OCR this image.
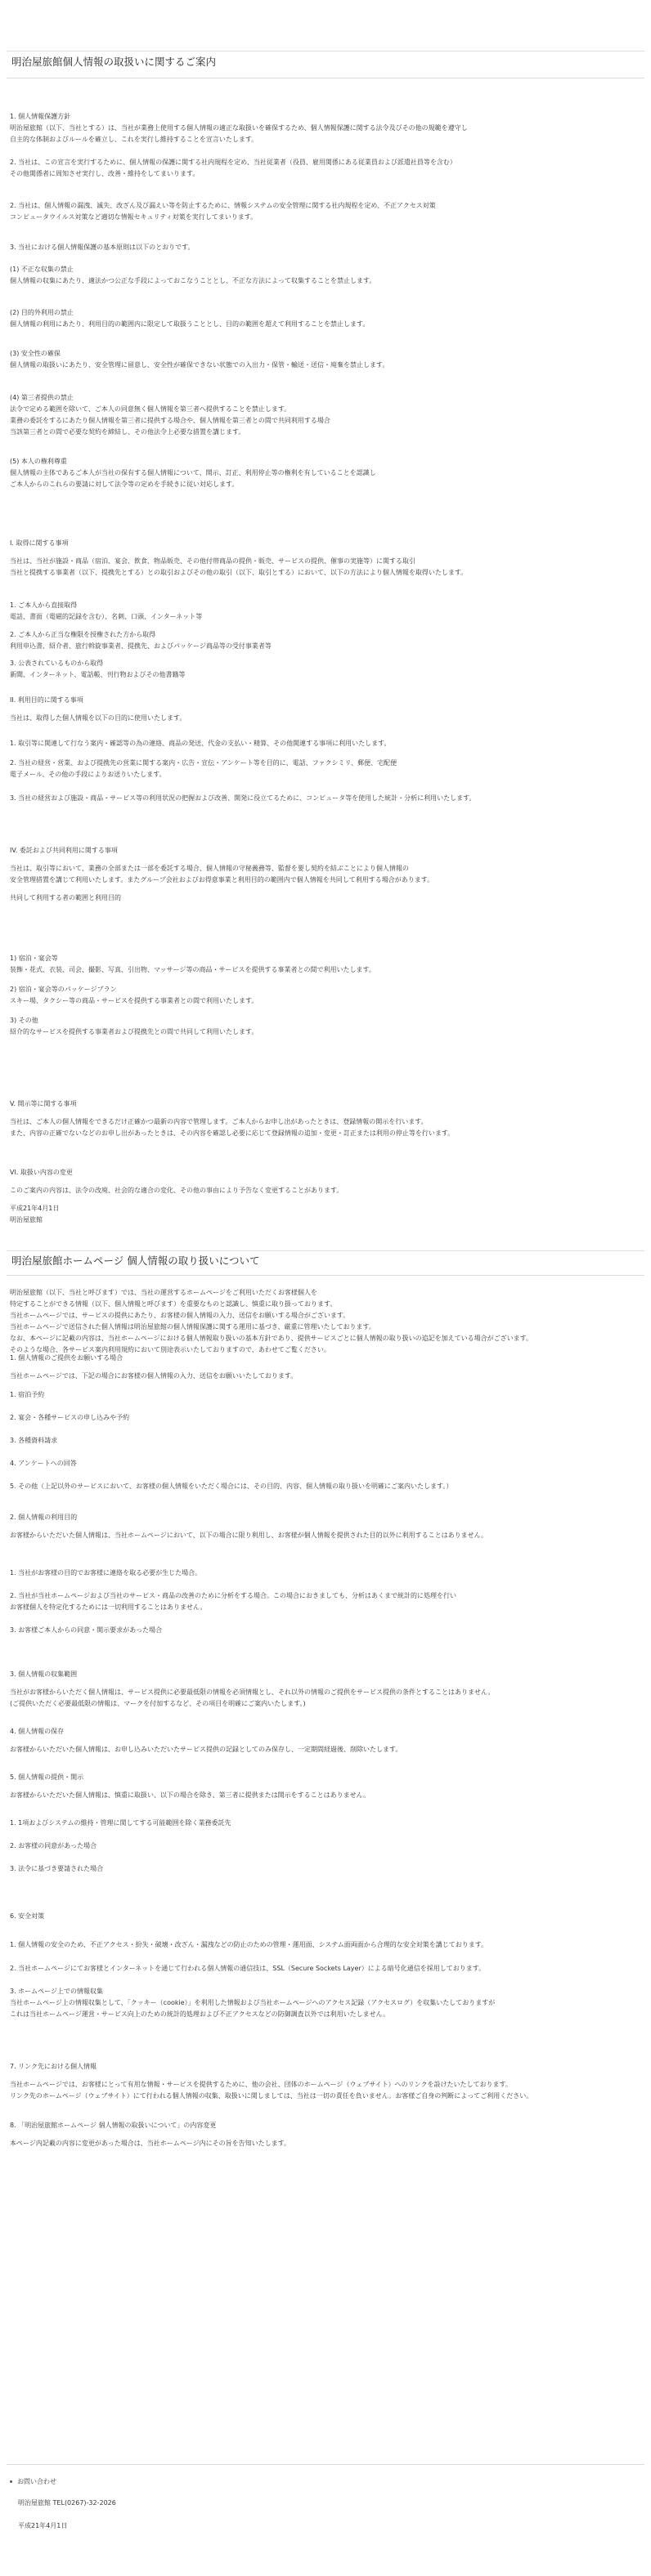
明治屋旅館個人情報の取扱いに関するご案内
1. 個人情報保護方針
明治屋旅館（以下、当社とする）は、当社が業務上使用する個人情報の適正な取扱いを確保するため、個人情報保護に関する法令及びその他の規範を遵守し
自主的な体制およびルールを確立し、これを実行し維持することを宣言いたします。
2. 当社は、この宣言を実行するために、個人情報の保護に関する社内規程を定め、当社従業者（役員、雇用関係にある従業員および派遣社員等を含む）
その他関係者に周知させ実行し、改善・維持をしてまいります。
2. 当社は、個人情報の漏洩、滅失、改ざん及び漏えい等を防止するために、情報システムの安全管理に関する社内規程を定め、不正アクセス対策
コンピュータウイルス対策など適切な情報セキュリティ対策を実行してまいります。
3. 当社における個人情報保護の基本原則は以下のとおりです。
(1) 不正な収集の禁止
個人情報の収集にあたり、適法かつ公正な手段によっておこなうこととし、不正な方法によって収集することを禁止します。
(2) 目的外利用の禁止
個人情報の利用にあたり、利用目的の範囲内に限定して取扱うこととし、目的の範囲を超えて利用することを禁止します。
(3) 安全性の確保
個人情報の取扱いにあたり、安全管理に留意し、安全性が確保できない状態での入出力・保管・輸送・送信・廃棄を禁止します。
(4) 第三者提供の禁止
法令で定める範囲を除いて、ご本人の同意無く個人情報を第三者へ提供することを禁止します。
業務の委託をするにあたり個人情報を第三者に提供する場合や、個人情報を第三者との間で共同利用する場合
当該第三者との間で必要な契約を締結し、その他法令上必要な措置を講じます。
(5) 本人の権利尊重
個人情報の主体であるご本人が当社の保有する個人情報について、開示、訂正、利用停止等の権利を有していることを認識し
ご本人からのこれらの要請に対して法令等の定めを手続きに従い対応します。
I. 取得に関する事項
当社は、当社が施設・商品（宿泊、宴会、飲食、物品販売、その他付帯商品の提供・販売、サービスの提供、催事の実施等）に関する取引
当社と提携する事業者（以下、提携先とする）との取引およびその他の取引（以下、取引とする）において、以下の方法により個人情報を取得いたします。
1. ご本人から直接取得
電話、書面（電磁的記録を含む）、名刺、口頭、インターネット等
2. ご本人から正当な権限を授権された方から取得
利用申込書、紹介者、旅行斡旋事業者、提携先、およびパッケージ商品等の受付事業者等
3. 公表されているものから取得
新聞、インターネット、電話帳、刊行物およびその他書籍等
II. 利用目的に関する事項
当社は、取得した個人情報を以下の目的に使用いたします。
1. 取引等に関連して行なう案内・確認等の為の連絡、商品の発送、代金の支払い・精算、その他関連する事項に利用いたします。
2. 当社の経営・営業、および提携先の営業に関する案内・広告・宣伝・アンケート等を目的に、電話、ファクシミリ、郵便、宅配便
電子メール、その他の手段によりお送りいたします。
3. 当社の経営および施設・商品・サービス等の利用状況の把握および改善、開発に役立てるために、コンピュータ等を使用した統計・分析に利用いたします。
IV. 委託および共同利用に関する事項
当社は、取引等において、業務の全部または一部を委託する場合、個人情報の守秘義務等、監督を要し契約を結ぶことにより個人情報の
安全管理措置を講じて利用いたします。またグループ会社およびお得意事業と利用目的の範囲内で個人情報を共同して利用する場合があります。
共同して利用する者の範囲と利用目的
1) 宿泊・宴会等
装飾・花式、衣装、司会、撮影、写真、引出物、マッサージ等の商品・サービスを提供する事業者との間で利用いたします。
2) 宿泊・宴会等のパッケージプラン
スキー場、タクシー等の商品・サービスを提供する事業者との間で利用いたします。
3) その他
紹介的なサービスを提供する事業者および提携先との間で共同して利用いたします。
V. 開示等に関する事項
当社は、ご本人の個人情報をできるだけ正確かつ最新の内容で管理します。ご本人からお申し出があったときは、登録情報の開示を行います。
また、内容の正確でないなどのお申し出があったときは、その内容を確認し必要に応じて登録情報の追加・変更・訂正または利用の停止等を行います。
VI. 取扱い内容の変更
このご案内の内容は、法令の改廃、社会的な適合の変化、その他の事由により予告なく変更することがあります。
平成21年4月1日
明治屋旅館
明治屋旅館ホームページ 個人情報の取り扱いについて
明治屋旅館（以下、当社と呼びます）では、当社の運営するホームページをご利用いただくお客様個人を
特定することができる情報（以下、個人情報と呼びます）を重要なものと認識し、慎重に取り扱っております。
当社ホームページでは、サービスの提供にあたり、お客様の個人情報の入力、送信をお願いする場合がございます。
当社ホームページで送信された個人情報は明治屋旅館の個人情報保護に関する運用に基づき、厳重に管理いたしております。
なお、本ページに記載の内容は、当社ホームページにおける個人情報取り扱いの基本方針であり、提供サービスごとに個人情報の取り扱いの追記を加えている場合がございます。
そのような場合、各サービス案内利用規約において別途表示いたしておりますので、あわせてご覧ください。
1. 個人情報のご提供をお願いする場合
当社ホームページでは、下記の場合にお客様の個人情報の入力、送信をお願いいたしております。
1. 宿泊予約
2. 宴会・各種サービスの申し込みや予約
3. 各種資料請求
4. アンケートへの回答
5. その他（上記以外のサービスにおいて、お客様の個人情報をいただく場合には、その目的、内容、個人情報の取り扱いを明確にご案内いたします。）
2. 個人情報の利用目的
お客様からいただいた個人情報は、当社ホームページにおいて、以下の場合に限り利用し、お客様が個人情報を提供された目的以外に利用することはありません。
1. 当社がお客様の目的でお客様に連絡を取る必要が生じた場合。
2. 当社が当社ホームページおよび当社のサービス・商品の改善のために分析をする場合。この場合におきましても、分析はあくまで統計的に処理を行い
お客様個人を特定化するためには一切利用することはありません。
3. お客様ご本人からの同意・開示要求があった場合
3. 個人情報の収集範囲
当社がお客様からいただく個人情報は、サービス提供に必要最低限の情報を必須情報とし、それ以外の情報のご提供をサービス提供の条件とすることはありません。
(ご提供いただく必要最低限の情報は、マークを付加するなど、その項目を明確にご案内いたします。)
4. 個人情報の保存
お客様からいただいた個人情報は、お申し込みいただいたサービス提供の記録としてのみ保存し、一定期間経過後、削除いたします。
5. 個人情報の提供・開示
お客様からいただいた個人情報は、慎重に取扱い、以下の場合を除き、第三者に提供または開示をすることはありません。
1. 1項およびシステムの維持・管理に関してする可能範囲を除く業務委託先
2. お客様の同意があった場合
3. 法令に基づき要請された場合
6. 安全対策
1. 個人情報の安全のため、不正アクセス・紛失・破壊・改ざん・漏洩などの防止のための管理・運用面、システム面両面から合理的な安全対策を講じております。
2. 当社ホームページにてお客様とインターネットを通じて行われる個人情報の通信技は、SSL（Secure Sockets Layer）による暗号化通信を採用しております。
3. ホームページ上での情報収集
当社ホームページ上の情報収集として、「クッキー（cookie）」を利用した情報および当社ホームページへのアクセス記録（アクセスログ）を収集いたしておりますが
これは当社ホームページ運営・サービス向上のための統計的処理および不正アクセスなどの防御調査以外では利用いたしません。
7. リンク先における個人情報
当社ホームページでは、お客様にとって有用な情報・サービスを提供するために、他の会社、団体のホームページ（ウェブサイト）へのリンクを設けたいたしております。
リンク先のホームページ（ウェブサイト）にて行われる個人情報の収集、取扱いに関しましては、当社は一切の責任を負いません。お客様ご自身の判断によってご利用ください。
8. 「明治屋旅館ホームページ 個人情報の取扱いについて」の内容変更
本ページ内記載の内容に変更があった場合は、当社ホームページ内にその旨を告知いたします。
お問い合わせ
明治屋旅館 TEL(0267)-32-2026
平成21年4月1日
